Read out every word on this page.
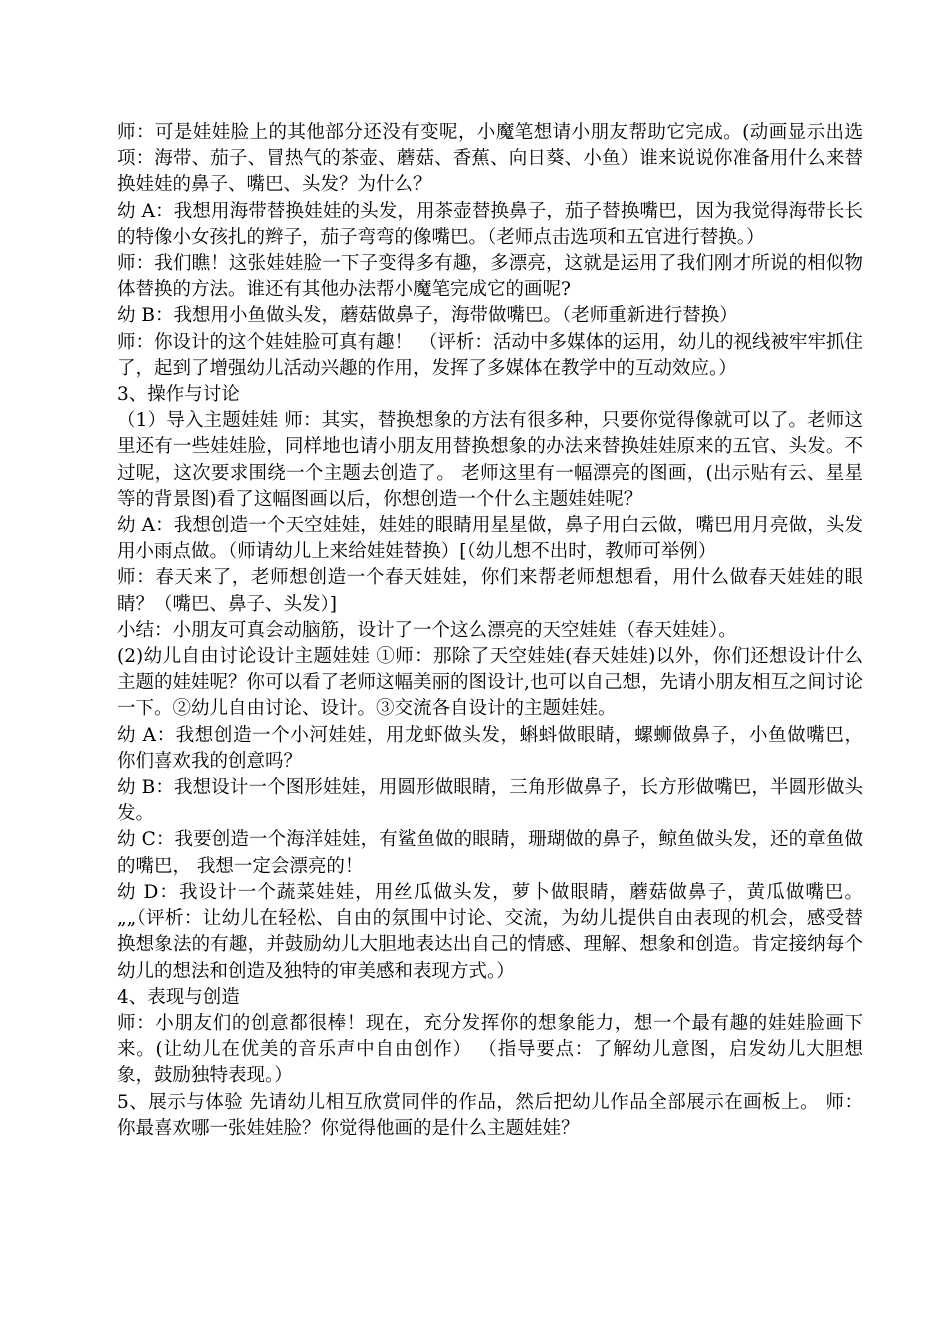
师：可是娃娃脸上的其他部分还没有变呢，小魔笔想请小朋友帮助它完成。(动画显示出选项：海带、茄子、冒热气的茶壶、蘑菇、香蕉、向日葵、小鱼）谁来说说你准备用什么来替换娃娃的鼻子、嘴巴、头发？为什么？

幼 A：我想用海带替换娃娃的头发，用茶壶替换鼻子，茄子替换嘴巴，因为我觉得海带长长的特像小女孩扎的辫子，茄子弯弯的像嘴巴。（老师点击选项和五官进行替换。）

师：我们瞧！这张娃娃脸一下子变得多有趣，多漂亮，这就是运用了我们刚才所说的相似物体替换的方法。谁还有其他办法帮小魔笔完成它的画呢?

幼 B：我想用小鱼做头发，蘑菇做鼻子，海带做嘴巴。（老师重新进行替换）

师：你设计的这个娃娃脸可真有趣！ （评析：活动中多媒体的运用，幼儿的视线被牢牢抓住了，起到了增强幼儿活动兴趣的作用，发挥了多媒体在教学中的互动效应。）

3、操作与讨论

（1）导入主题娃娃 师：其实，替换想象的方法有很多种，只要你觉得像就可以了。老师这里还有一些娃娃脸，同样地也请小朋友用替换想象的办法来替换娃娃原来的五官、头发。不过呢，这次要求围绕一个主题去创造了。 老师这里有一幅漂亮的图画，(出示贴有云、星星等的背景图)看了这幅图画以后，你想创造一个什么主题娃娃呢？

幼 A：我想创造一个天空娃娃，娃娃的眼睛用星星做，鼻子用白云做，嘴巴用月亮做，头发用小雨点做。（师请幼儿上来给娃娃替换）[（幼儿想不出时，教师可举例）

师：春天来了，老师想创造一个春天娃娃，你们来帮老师想想看，用什么做春天娃娃的眼睛？（嘴巴、鼻子、头发）]

小结：小朋友可真会动脑筋，设计了一个这么漂亮的天空娃娃（春天娃娃）。

(2)幼儿自由讨论设计主题娃娃 ①师：那除了天空娃娃(春天娃娃)以外，你们还想设计什么主题的娃娃呢？你可以看了老师这幅美丽的图设计,也可以自己想，先请小朋友相互之间讨论一下。②幼儿自由讨论、设计。③交流各自设计的主题娃娃。

幼 A：我想创造一个小河娃娃，用龙虾做头发，蝌蚪做眼睛，螺蛳做鼻子，小鱼做嘴巴， 你们喜欢我的创意吗？

幼 B：我想设计一个图形娃娃，用圆形做眼睛，三角形做鼻子，长方形做嘴巴，半圆形做头发。

幼 C：我要创造一个海洋娃娃，有鲨鱼做的眼睛，珊瑚做的鼻子，鲸鱼做头发，还的章鱼做的嘴巴， 我想一定会漂亮的！

幼 D：我设计一个蔬菜娃娃，用丝瓜做头发，萝卜做眼睛，蘑菇做鼻子，黄瓜做嘴巴。 „„（评析：让幼儿在轻松、自由的氛围中讨论、交流，为幼儿提供自由表现的机会，感受替换想象法的有趣，并鼓励幼儿大胆地表达出自己的情感、理解、想象和创造。肯定接纳每个幼儿的想法和创造及独特的审美感和表现方式。）

4、表现与创造

师：小朋友们的创意都很棒！现在，充分发挥你的想象能力，想一个最有趣的娃娃脸画下来。(让幼儿在优美的音乐声中自由创作） （指导要点：了解幼儿意图，启发幼儿大胆想象，鼓励独特表现。）

5、展示与体验 先请幼儿相互欣赏同伴的作品，然后把幼儿作品全部展示在画板上。 师： 你最喜欢哪一张娃娃脸？你觉得他画的是什么主题娃娃？
